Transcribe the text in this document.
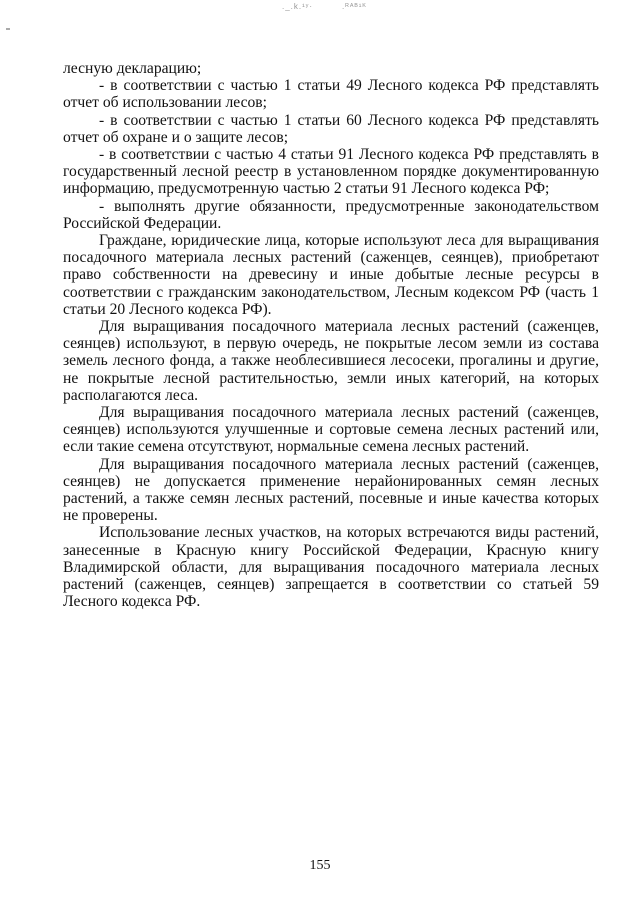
._.k.¹ʸ·	.ᴿᴬᴮ¹ᴷ

лесную декларацию;

- в соответствии с частью 1 статьи 49 Лесного кодекса РФ представлять отчет об использовании лесов;

- в соответствии с частью 1 статьи 60 Лесного кодекса РФ представлять отчет об охране и о защите лесов;

- в соответствии с частью 4 статьи 91 Лесного кодекса РФ представлять в государственный лесной реестр в установленном порядке документированную информацию, предусмотренную частью 2 статьи 91 Лесного кодекса РФ;

- выполнять другие обязанности, предусмотренные законодательством Российской Федерации.

Граждане, юридические лица, которые используют леса для выращивания посадочного материала лесных растений (саженцев, сеянцев), приобретают право собственности на древесину и иные добытые лесные ресурсы в соответствии с гражданским законодательством, Лесным кодексом РФ (часть 1 статьи 20 Лесного кодекса РФ).

Для выращивания посадочного материала лесных растений (саженцев, сеянцев) используют, в первую очередь, не покрытые лесом земли из состава земель лесного фонда, а также необлесившиеся лесосеки, прогалины и другие, не покрытые лесной растительностью, земли иных категорий, на которых располагаются леса.

Для выращивания посадочного материала лесных растений (саженцев, сеянцев) используются улучшенные и сортовые семена лесных растений или, если такие семена отсутствуют, нормальные семена лесных растений.

Для выращивания посадочного материала лесных растений (саженцев, сеянцев) не допускается применение нерайонированных семян лесных растений, а также семян лесных растений, посевные и иные качества которых не проверены.

Использование лесных участков, на которых встречаются виды растений, занесенные в Красную книгу Российской Федерации, Красную книгу Владимирской области, для выращивания посадочного материала лесных растений (саженцев, сеянцев) запрещается в соответствии со статьей 59 Лесного кодекса РФ.

155
